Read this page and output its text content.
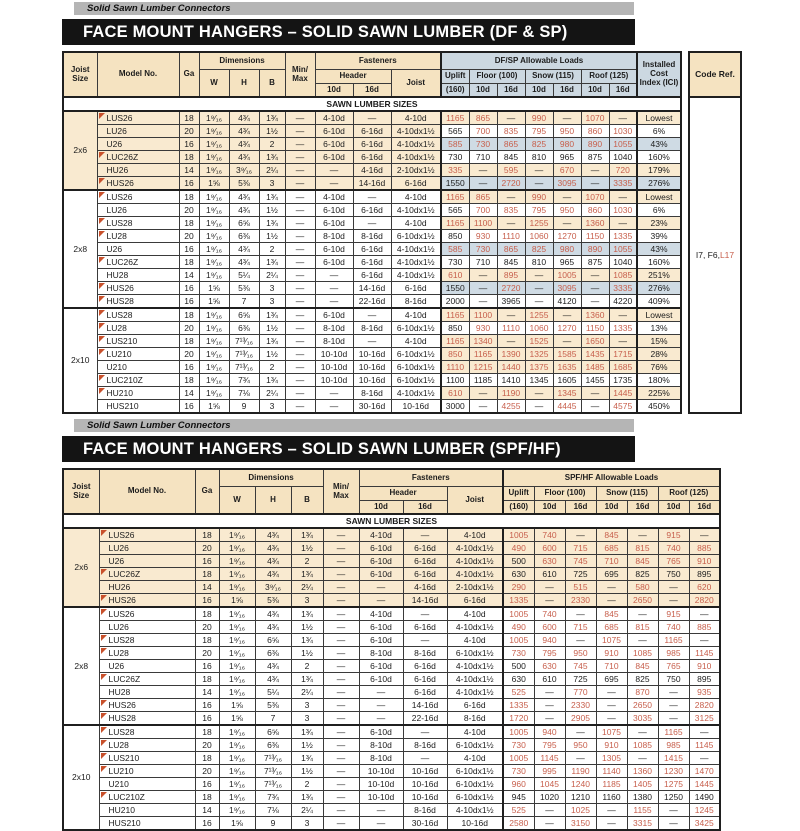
Solid Sawn Lumber Connectors
FACE MOUNT HANGERS – SOLID SAWN LUMBER (DF & SP)
Joist Size	Model No.	Ga	Dimensions			Min/ Max	Fasteners			DF/SP Allowable Loads							Installed Cost Index (ICI)
			W	H	B		Header		Joist	Uplift	Floor (100)		Snow (115)		Roof (125)		
							10d	16d		(160)	10d	16d	10d	16d	10d	16d	
SAWN LUMBER SIZES																	
2x6	LUS26	18	1⁹⁄₁₆	4¾	1¾	—	4-10d	—	4-10d	1165	865	—	990	—	1070	—	Lowest
	LU26	20	1⁹⁄₁₆	4¾	1½	—	6-10d	6-16d	4-10dx1½	565	700	835	795	950	860	1030	6%
	U26	16	1⁹⁄₁₆	4¾	2	—	6-10d	6-16d	4-10dx1½	585	730	865	825	980	890	1055	43%
	LUC26Z	18	1⁹⁄₁₆	4¾	1¾	—	6-10d	6-16d	4-10dx1½	730	710	845	810	965	875	1040	160%
	HU26	14	1⁹⁄₁₆	3⁹⁄₁₆	2¼	—	—	4-16d	2-10dx1½	335	—	595	—	670	—	720	179%
	HUS26	16	1⅝	5⅜	3	—	—	14-16d	6-16d	1550	—	2720	—	3095	—	3335	276%
2x8	LUS26	18	1⁹⁄₁₆	4¾	1¾	—	4-10d	—	4-10d	1165	865	—	990	—	1070	—	Lowest
	LU26	20	1⁹⁄₁₆	4¾	1½	—	6-10d	6-16d	4-10dx1½	565	700	835	795	950	860	1030	6%
	LUS28	18	1⁹⁄₁₆	6⅝	1¾	—	6-10d	—	4-10d	1165	1100	—	1255	—	1360	—	23%
	LU28	20	1⁹⁄₁₆	6⅜	1½	—	8-10d	8-16d	6-10dx1½	850	930	1110	1060	1270	1150	1335	39%
	U26	16	1⁹⁄₁₆	4¾	2	—	6-10d	6-16d	4-10dx1½	585	730	865	825	980	890	1055	43%
	LUC26Z	18	1⁹⁄₁₆	4¾	1¾	—	6-10d	6-16d	4-10dx1½	730	710	845	810	965	875	1040	160%
	HU28	14	1⁹⁄₁₆	5¼	2¼	—	—	6-16d	4-10dx1½	610	—	895	—	1005	—	1085	251%
	HUS26	16	1⅝	5⅜	3	—	—	14-16d	6-16d	1550	—	2720	—	3095	—	3335	276%
	HUS28	16	1⅝	7	3	—	—	22-16d	8-16d	2000	—	3965	—	4120	—	4220	409%
2x10	LUS28	18	1⁹⁄₁₆	6⅝	1¾	—	6-10d	—	4-10d	1165	1100	—	1255	—	1360	—	Lowest
	LU28	20	1⁹⁄₁₆	6⅜	1½	—	8-10d	8-16d	6-10dx1½	850	930	1110	1060	1270	1150	1335	13%
	LUS210	18	1⁹⁄₁₆	7¹³⁄₁₆	1¾	—	8-10d	—	4-10d	1165	1340	—	1525	—	1650	—	15%
	LU210	20	1⁹⁄₁₆	7¹³⁄₁₆	1½	—	10-10d	10-16d	6-10dx1½	850	1165	1390	1325	1585	1435	1715	28%
	U210	16	1⁹⁄₁₆	7¹³⁄₁₆	2	—	10-10d	10-16d	6-10dx1½	1110	1215	1440	1375	1635	1485	1685	76%
	LUC210Z	18	1⁹⁄₁₆	7¾	1¾	—	10-10d	10-16d	6-10dx1½	1100	1185	1410	1345	1605	1455	1735	180%
	HU210	14	1⁹⁄₁₆	7⅛	2¼	—	—	8-16d	4-10dx1½	610	—	1190	—	1345	—	1445	225%
	HUS210	16	1⅝	9	3	—	—	30-16d	10-16d	3000	—	4255	—	4445	—	4575	450%
Code Ref.
I7, F6, L17
Solid Sawn Lumber Connectors
FACE MOUNT HANGERS – SOLID SAWN LUMBER (SPF/HF)
Joist Size	Model No.	Ga	Dimensions			Min/ Max	Fasteners			SPF/HF Allowable Loads						
			W	H	B		Header		Joist	Uplift	Floor (100)		Snow (115)		Roof (125)	
							10d	16d		(160)	10d	16d	10d	16d	10d	16d
SAWN LUMBER SIZES																
2x6	LUS26	18	1⁹⁄₁₆	4¾	1¾	—	4-10d	—	4-10d	1005	740	—	845	—	915	—
	LU26	20	1⁹⁄₁₆	4¾	1½	—	6-10d	6-16d	4-10dx1½	490	600	715	685	815	740	885
	U26	16	1⁹⁄₁₆	4¾	2	—	6-10d	6-16d	4-10dx1½	500	630	745	710	845	765	910
	LUC26Z	18	1⁹⁄₁₆	4¾	1¾	—	6-10d	6-16d	4-10dx1½	630	610	725	695	825	750	895
	HU26	14	1⁹⁄₁₆	3⁹⁄₁₆	2¼	—	—	4-16d	2-10dx1½	290	—	515	—	580	—	620
	HUS26	16	1⅝	5⅜	3	—	—	14-16d	6-16d	1335	—	2330	—	2650	—	2820
2x8	LUS26	18	1⁹⁄₁₆	4¾	1¾	—	4-10d	—	4-10d	1005	740	—	845	—	915	—
	LU26	20	1⁹⁄₁₆	4¾	1½	—	6-10d	6-16d	4-10dx1½	490	600	715	685	815	740	885
	LUS28	18	1⁹⁄₁₆	6⅝	1¾	—	6-10d	—	4-10d	1005	940	—	1075	—	1165	—
	LU28	20	1⁹⁄₁₆	6⅜	1½	—	8-10d	8-16d	6-10dx1½	730	795	950	910	1085	985	1145
	U26	16	1⁹⁄₁₆	4¾	2	—	6-10d	6-16d	4-10dx1½	500	630	745	710	845	765	910
	LUC26Z	18	1⁹⁄₁₆	4¾	1¾	—	6-10d	6-16d	4-10dx1½	630	610	725	695	825	750	895
	HU28	14	1⁹⁄₁₆	5¼	2¼	—	—	6-16d	4-10dx1½	525	—	770	—	870	—	935
	HUS26	16	1⅝	5⅜	3	—	—	14-16d	6-16d	1335	—	2330	—	2650	—	2820
	HUS28	16	1⅝	7	3	—	—	22-16d	8-16d	1720	—	2905	—	3035	—	3125
2x10	LUS28	18	1⁹⁄₁₆	6⅝	1¾	—	6-10d	—	4-10d	1005	940	—	1075	—	1165	—
	LU28	20	1⁹⁄₁₆	6⅜	1½	—	8-10d	8-16d	6-10dx1½	730	795	950	910	1085	985	1145
	LUS210	18	1⁹⁄₁₆	7¹³⁄₁₆	1¾	—	8-10d	—	4-10d	1005	1145	—	1305	—	1415	—
	LU210	20	1⁹⁄₁₆	7¹³⁄₁₆	1½	—	10-10d	10-16d	6-10dx1½	730	995	1190	1140	1360	1230	1470
	U210	16	1⁹⁄₁₆	7¹³⁄₁₆	2	—	10-10d	10-16d	6-10dx1½	960	1045	1240	1185	1405	1275	1445
	LUC210Z	18	1⁹⁄₁₆	7¾	1¾	—	10-10d	10-16d	6-10dx1½	945	1020	1210	1160	1380	1250	1490
	HU210	14	1⁹⁄₁₆	7⅛	2¼	—	—	8-16d	4-10dx1½	525	—	1025	—	1155	—	1245
	HUS210	16	1⅝	9	3	—	—	30-16d	10-16d	2580	—	3150	—	3315	—	3425
